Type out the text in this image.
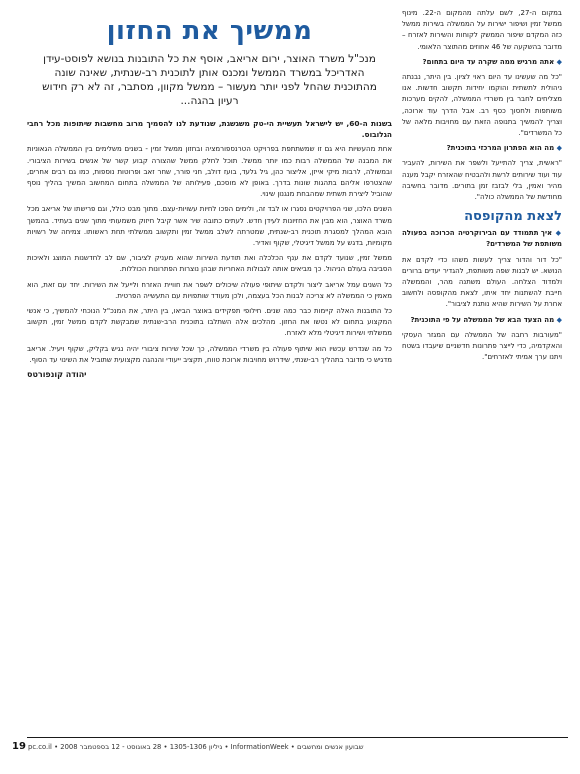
במקום ה-27, לשם עלתה מהמקום ה-22. מינוף ממשל זמין ושיפור ישירות על הממשלה בשירות ממשל כזה המקדם שיפור הממשק לקוחות והשירות לאזרח – מדובר בהשקעה של 46 אחוזים מהתוצר הלאומי.

◆ אתה מרגיש ממה שקרה עד היום בתחום?

"כל מה שעשינו עד היום ראוי לציון. בין היתר, נבנתה ניהולית לתשתית והוקמו יחידות תקשוב חדשות. אנו מצליחים לחבר בין משרדי הממשלה, להקים מערכות משותפות ולחסוך כסף רב. אבל הדרך עוד ארוכה, וצריך להמשיך בתנופה הזאת עם מחויבות מלאה של כל המשרדים".

◆ מה הוא הפתרון המרכזי בתוכנית?

"ראשית, צריך להתייעל ולשפר את השירות, להעביר עוד ועוד שירותים לרשת ולהבטיח שהאזרח יקבל מענה מהיר ואמין, בלי לבזבז זמן בתורים. מדובר בחשיבה מחודשת של הממשלה כולה".

לצאת מהקופסה

◆ איך תתמודד עם הבירוקרטיה הכרוכה בפעולה משותפת של המשרדים?

"כל דור והדור צריך לעשות משהו כדי לקדם את הנושא. יש לבנות שפה משותפת, להגדיר יעדים ברורים ולמדוד הצלחה. העולם משתנה מהר, והממשלה חייבת להשתנות יחד איתו, לצאת מהקופסה ולחשוב אחרת על השירות שהיא נותנת לציבור".

◆ מה הצעד הבא של הממשלה על פי התוכנית?

"מעורבות רחבה של הממשלה עם המגזר העסקי והאקדמיה, כדי לייצר פתרונות חדשניים שיעבדו בשטח ויתנו ערך אמיתי לאזרחים".

ממשיך את החזון
מנכ"ל משרד האוצר, ירום אריאב, אוסף את כל התובנות בנושא לפוסט-עידן האדריכל במשרד הממשל ומכנס אותן לתוכנית רב-שנתית, שאינה שונה מהתוכנית שהחל לפני יותר מעשור – ממשל מקוון, מסתבר, זה לא רק חידוש רעיון בהגה...

בשנות ה-60, יש לישראל תעשיית הי-טק משגשגת, שנודעת לנו להסמיך מרוב מחשבות שיתופות מכל רחבי הגלובוס.

אחת מהעשיות היא גם זו שמשתתפת בפרויקט הטרנספורמציה ובחזון ממשל זמין - בשנים משלימים בין הממשלה הגאוניות את המבנה של הממשלה רבות כמו יותר ממשל. תוכל לחלק ממשל שהצורה קבוע קשר של אנשים בשירות הציבורי. ובמשולה, לרבות מיקי אייזן, אליצור כהן, גיל גלעד, בועז דולב, חני פורר, שחר זאב ופרוטות נוספות, כמו גם רבים אחרים, שהצטרפו אליהם בתהגות שונות בדרך. באופן לא מוסכם, פעילותה של הממשלה בתחום המחשוב המשיך בהליך נוסף שהוביל ליצירת תשתית שמהבחת מנגנון שינוי.

השנים הלכו, שני הפרויקטים נסגרו או לבד זה, ולימים הפכו לחיות עשויות-עצם. מתוך מבט כולל, וגם פרישתו של אריאב מכל משרד האוצר, הוא מבין את החזיונות לעידן חדש. לעתים כתובה שיר אשר קיבל חיזוק משמעותי מתוך שנים בעתיד. בהמשך הובא המהלך למסגרת תוכנית רב-שנתית, שמטרתה לשלב ממשל זמין ותקשוב ממשלתי תחת ראשותו. צמיחה של רשויות מקומיות, בדגש על ממשל דיגיטלי, שקוף ואדיר.

ממשל זמין, שנועד לקדם את ענף הכלכלה ואת תודעת השירות שהוא מעניק לציבור, שם לב לחדשנות המוצג ולאיכות הסביבה בעולם הניהול. כך מביאים אותה לגבולות האחריות שבהן נוצרות הפתרונות הכוללות.

כל השנים עמל אריאב ליצור ולקדם שיתופי פעולה שיכולים לשפר את חוויית האזרח ולייעל את השירות. יחד עם זאת, הוא מאמין כי הממשלה לא צריכה לבנות הכל בעצמה, ולכן מעודד שותפויות עם התעשייה הפרטית.

כל התובנות האלה קיימות כבר כמה שנים. חילופי תפקידים באוצר הביאו, בין היתר, את המנכ"ל הנוכחי להמשיך, כי אנשי המקצוע בתחום לא נטשו את החזון. מהלכים אלה השתלבו בתוכנית הרב-שנתית שמבקשת לקדם ממשל זמין, תקשוב ממשלתי ושירות דיגיטלי מלא לאזרח.

כל מה שנדרש עכשיו הוא שיתוף פעולה בין משרדי הממשלה, כך שכל שירות ציבורי יהיה נגיש בקליק, שקוף ויעיל. אריאב מדגיש כי מדובר בתהליך רב-שנתי, שידרוש מחויבות ארוכת טווח, תקציב ייעודי והנהגה מקצועית שתוביל את השינוי עד הסוף.

יהודה קונפורטס
19 שבועון אנשים ומחשבים • InformationWeek • גיליון 1305-1306 • 28 באוגוסט - 12 בספטמבר 2008 • pc.co.il
